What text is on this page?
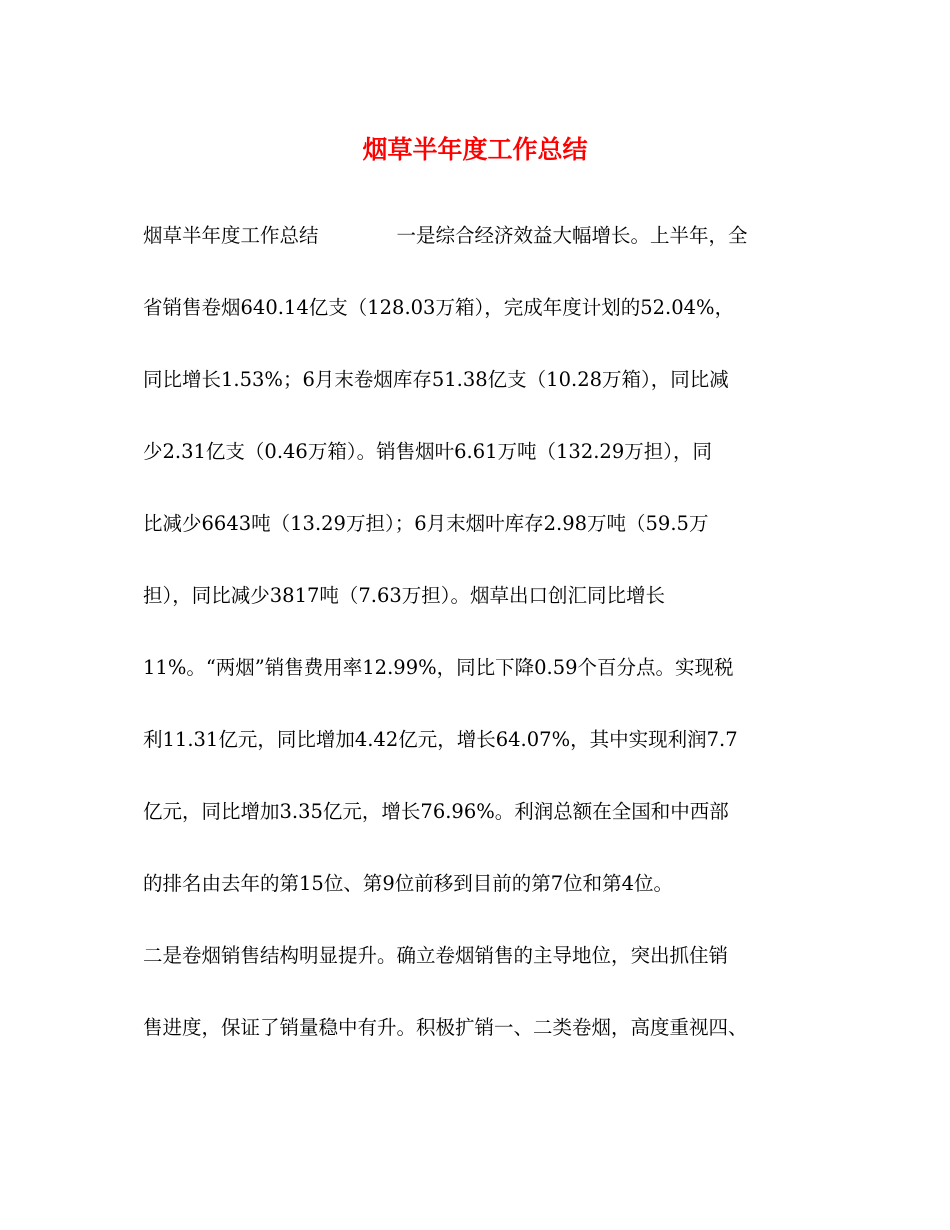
烟草半年度工作总结
烟草半年度工作总结	一是综合经济效益大幅增长。上半年，全
省销售卷烟640.14亿支（128.03万箱），完成年度计划的52.04%，
同比增长1.53%；6月末卷烟库存51.38亿支（10.28万箱），同比减
少2.31亿支（0.46万箱）。销售烟叶6.61万吨（132.29万担），同
比减少6643吨（13.29万担）；6月末烟叶库存2.98万吨（59.5万
担），同比减少3817吨（7.63万担）。烟草出口创汇同比增长
11%。“两烟”销售费用率12.99%，同比下降0.59个百分点。实现税
利11.31亿元，同比增加4.42亿元，增长64.07%，其中实现利润7.7
亿元，同比增加3.35亿元，增长76.96%。利润总额在全国和中西部
的排名由去年的第15位、第9位前移到目前的第7位和第4位。
二是卷烟销售结构明显提升。确立卷烟销售的主导地位，突出抓住销
售进度，保证了销量稳中有升。积极扩销一、二类卷烟，高度重视四、
